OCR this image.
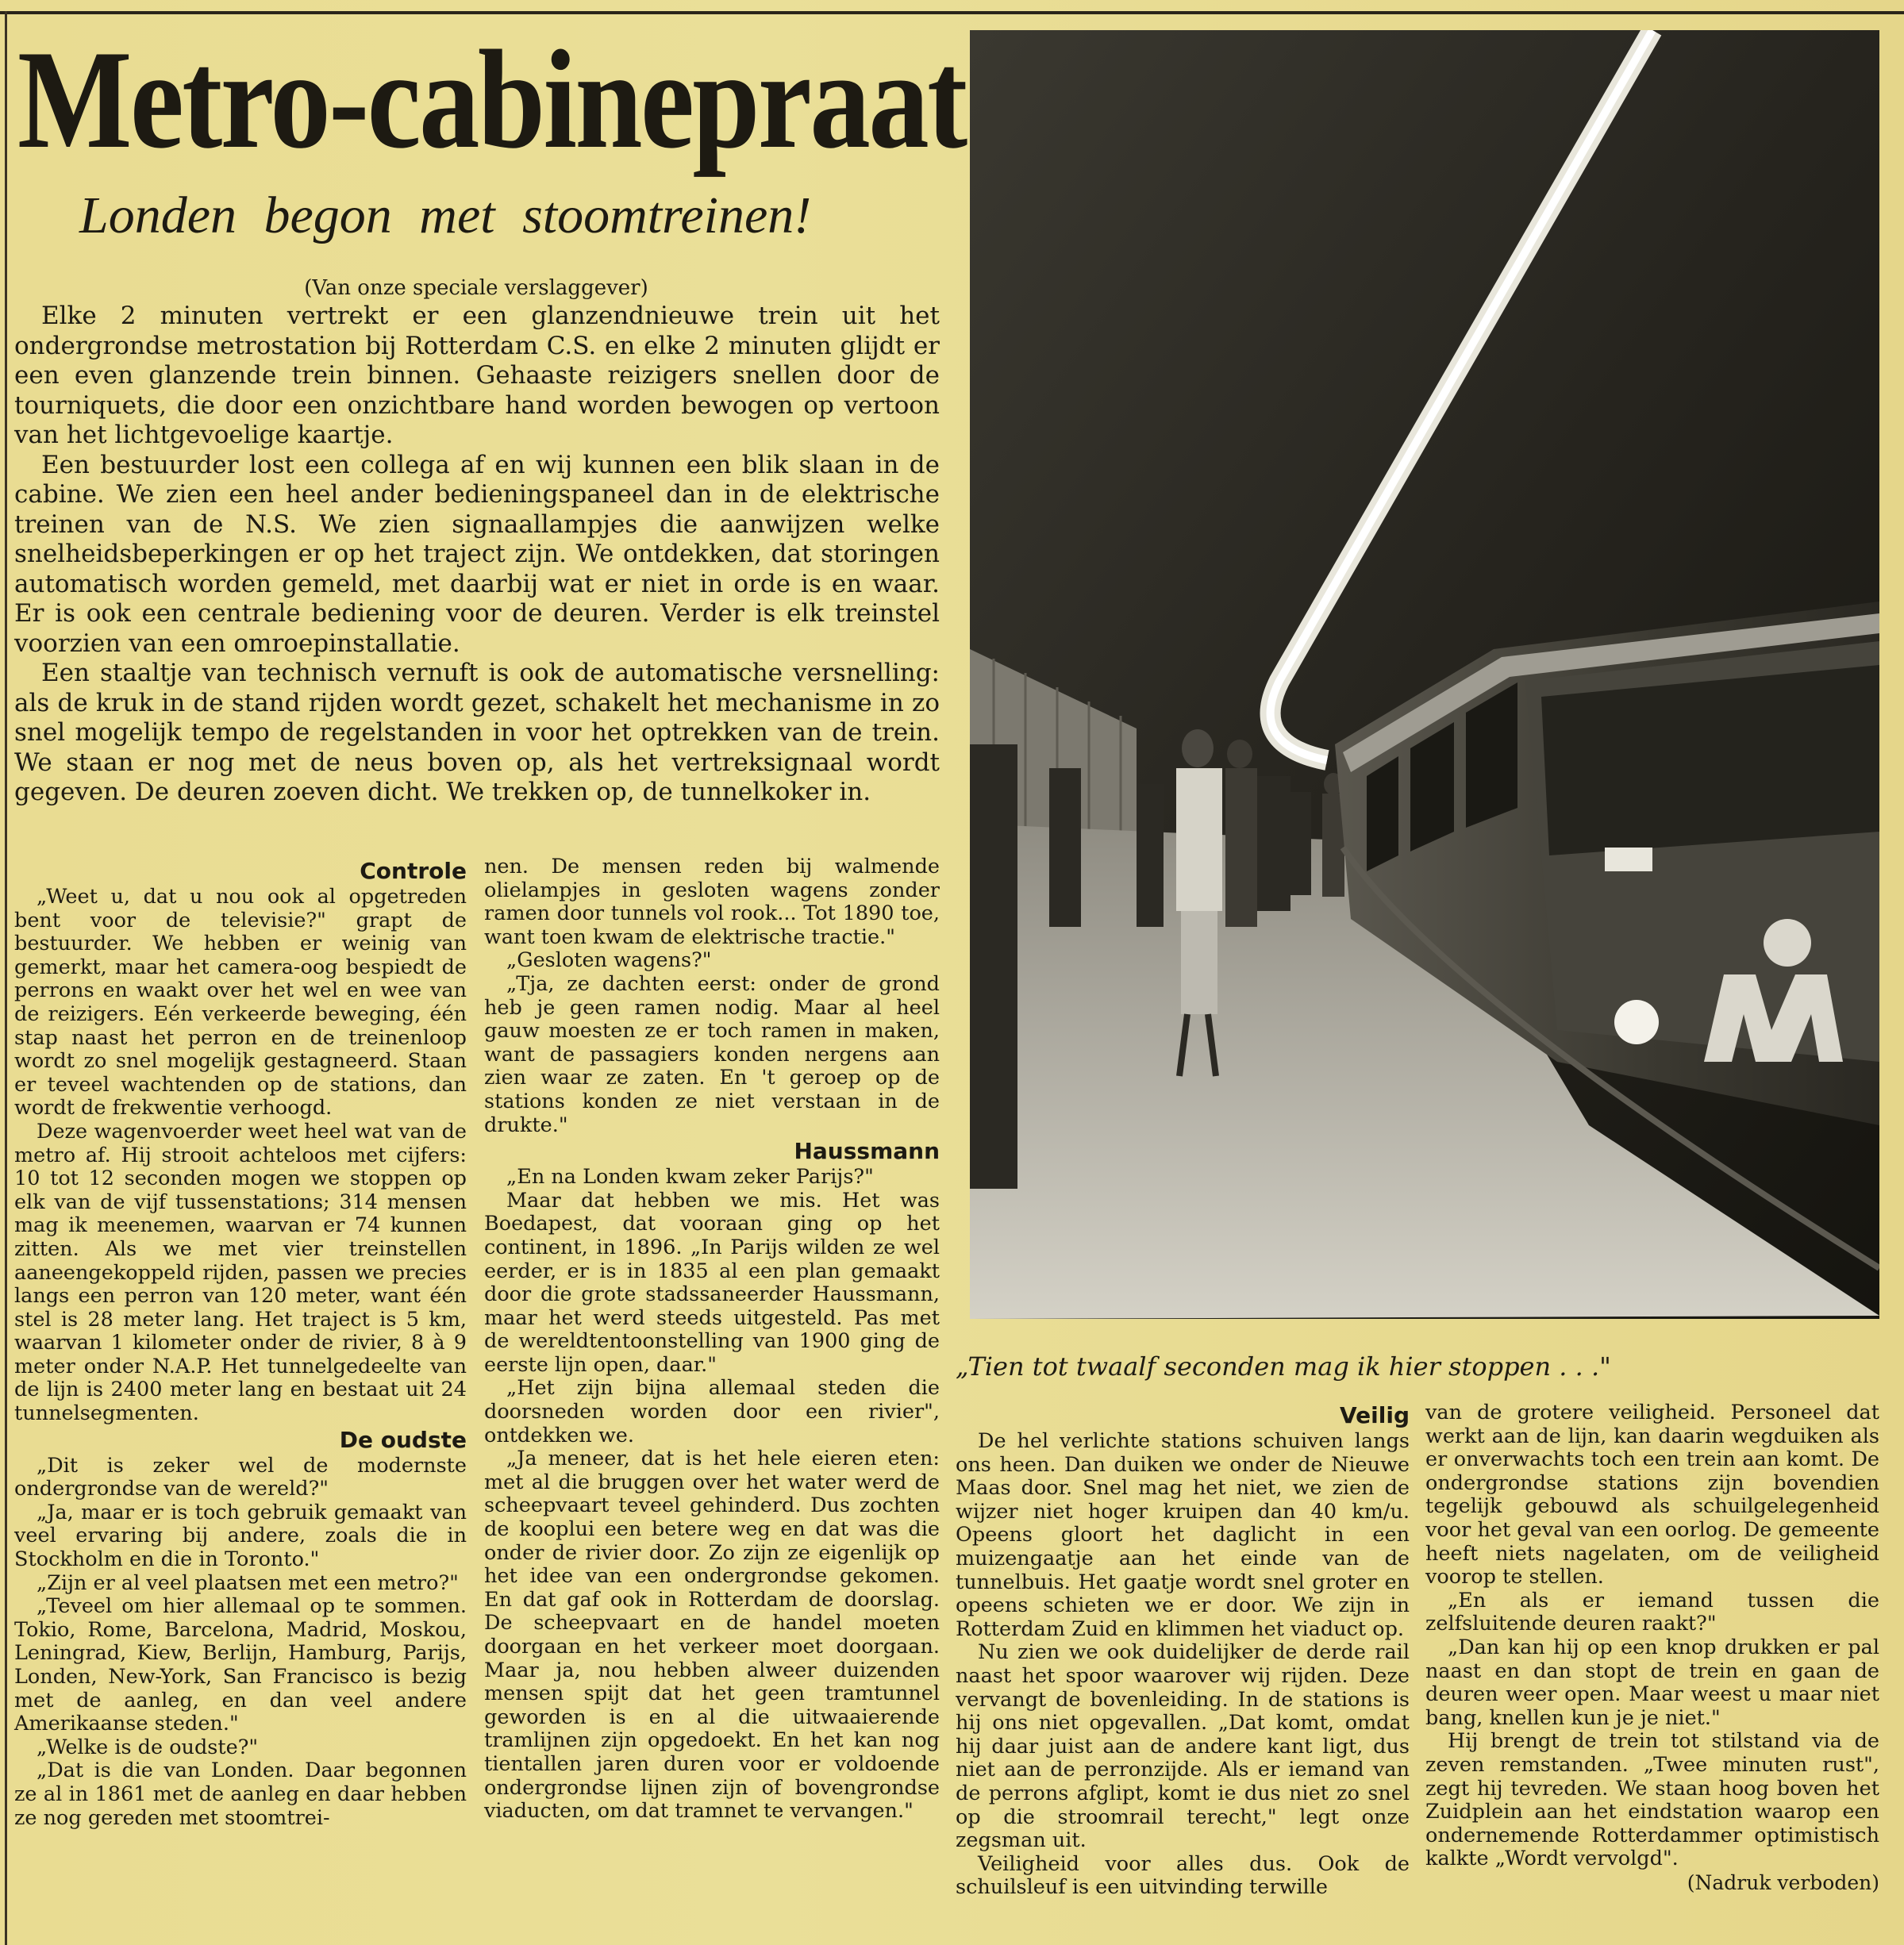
Metro-cabinepraat
Londen begon met stoomtreinen!
(Van onze speciale verslaggever)

Elke 2 minuten vertrekt er een glanzendnieuwe trein uit het ondergrondse metrostation bij Rotterdam C.S. en elke 2 minuten glijdt er een even glanzende trein binnen. Gehaaste reizigers snellen door de tourniquets, die door een onzichtbare hand worden bewogen op vertoon van het lichtgevoelige kaartje.

Een bestuurder lost een collega af en wij kunnen een blik slaan in de cabine. We zien een heel ander bedieningspaneel dan in de elektrische treinen van de N.S. We zien signaallampjes die aanwijzen welke snelheidsbeperkingen er op het traject zijn. We ontdekken, dat storingen automatisch worden gemeld, met daarbij wat er niet in orde is en waar. Er is ook een centrale bediening voor de deuren. Verder is elk treinstel voorzien van een omroepinstallatie.

Een staaltje van technisch vernuft is ook de automatische versnelling: als de kruk in de stand rijden wordt gezet, schakelt het mechanisme in zo snel mogelijk tempo de regelstanden in voor het optrekken van de trein. We staan er nog met de neus boven op, als het vertreksignaal wordt gegeven. De deuren zoeven dicht. We trekken op, de tunnelkoker in.

Controle

„Weet u, dat u nou ook al opgetreden bent voor de televisie?" grapt de bestuurder. We hebben er weinig van gemerkt, maar het camera-oog bespiedt de perrons en waakt over het wel en wee van de reizigers. Eén verkeerde beweging, één stap naast het perron en de treinenloop wordt zo snel mogelijk gestagneerd. Staan er teveel wachtenden op de stations, dan wordt de frekwentie verhoogd.

Deze wagenvoerder weet heel wat van de metro af. Hij strooit achteloos met cijfers: 10 tot 12 seconden mogen we stoppen op elk van de vijf tussenstations; 314 mensen mag ik meenemen, waarvan er 74 kunnen zitten. Als we met vier treinstellen aaneengekoppeld rijden, passen we precies langs een perron van 120 meter, want één stel is 28 meter lang. Het traject is 5 km, waarvan 1 kilometer onder de rivier, 8 à 9 meter onder N.A.P. Het tunnelgedeelte van de lijn is 2400 meter lang en bestaat uit 24 tunnelsegmenten.

De oudste

„Dit is zeker wel de modernste ondergrondse van de wereld?"

„Ja, maar er is toch gebruik gemaakt van veel ervaring bij andere, zoals die in Stockholm en die in Toronto."

„Zijn er al veel plaatsen met een metro?"

„Teveel om hier allemaal op te sommen. Tokio, Rome, Barcelona, Madrid, Moskou, Leningrad, Kiew, Berlijn, Hamburg, Parijs, Londen, New-York, San Francisco is bezig met de aanleg, en dan veel andere Amerikaanse steden."

„Welke is de oudste?"

„Dat is die van Londen. Daar begonnen ze al in 1861 met de aanleg en daar hebben ze nog gereden met stoomtrei-

nen. De mensen reden bij walmende olielampjes in gesloten wagens zonder ramen door tunnels vol rook... Tot 1890 toe, want toen kwam de elektrische tractie."

„Gesloten wagens?"

„Tja, ze dachten eerst: onder de grond heb je geen ramen nodig. Maar al heel gauw moesten ze er toch ramen in maken, want de passagiers konden nergens aan zien waar ze zaten. En 't geroep op de stations konden ze niet verstaan in de drukte."

Haussmann

„En na Londen kwam zeker Parijs?"

Maar dat hebben we mis. Het was Boedapest, dat vooraan ging op het continent, in 1896. „In Parijs wilden ze wel eerder, er is in 1835 al een plan gemaakt door die grote stadssaneerder Haussmann, maar het werd steeds uitgesteld. Pas met de wereldtentoonstelling van 1900 ging de eerste lijn open, daar."

„Het zijn bijna allemaal steden die doorsneden worden door een rivier", ontdekken we.

„Ja meneer, dat is het hele eieren eten: met al die bruggen over het water werd de scheepvaart teveel gehinderd. Dus zochten de kooplui een betere weg en dat was die onder de rivier door. Zo zijn ze eigenlijk op het idee van een ondergrondse gekomen. En dat gaf ook in Rotterdam de doorslag. De scheepvaart en de handel moeten doorgaan en het verkeer moet doorgaan. Maar ja, nou hebben alweer duizenden mensen spijt dat het geen tramtunnel geworden is en al die uitwaaierende tramlijnen zijn opgedoekt. En het kan nog tientallen jaren duren voor er voldoende ondergrondse lijnen zijn of bovengrondse viaducten, om dat tramnet te vervangen."

„Tien tot twaalf seconden mag ik hier stoppen . . ."
Veilig

De hel verlichte stations schuiven langs ons heen. Dan duiken we onder de Nieuwe Maas door. Snel mag het niet, we zien de wijzer niet hoger kruipen dan 40 km/u. Opeens gloort het daglicht in een muizengaatje aan het einde van de tunnelbuis. Het gaatje wordt snel groter en opeens schieten we er door. We zijn in Rotterdam Zuid en klimmen het viaduct op.

Nu zien we ook duidelijker de derde rail naast het spoor waarover wij rijden. Deze vervangt de bovenleiding. In de stations is hij ons niet opgevallen. „Dat komt, omdat hij daar juist aan de andere kant ligt, dus niet aan de perronzijde. Als er iemand van de perrons afglipt, komt ie dus niet zo snel op die stroomrail terecht," legt onze zegsman uit.

Veiligheid voor alles dus. Ook de schuilsleuf is een uitvinding terwille

van de grotere veiligheid. Personeel dat werkt aan de lijn, kan daarin wegduiken als er onverwachts toch een trein aan komt. De ondergrondse stations zijn bovendien tegelijk gebouwd als schuilgelegenheid voor het geval van een oorlog. De gemeente heeft niets nagelaten, om de veiligheid voorop te stellen.

„En als er iemand tussen die zelfsluitende deuren raakt?"

„Dan kan hij op een knop drukken er pal naast en dan stopt de trein en gaan de deuren weer open. Maar weest u maar niet bang, knellen kun je je niet."

Hij brengt de trein tot stilstand via de zeven remstanden. „Twee minuten rust", zegt hij tevreden. We staan hoog boven het Zuidplein aan het eindstation waarop een ondernemende Rotterdammer optimistisch kalkte „Wordt vervolgd".

(Nadruk verboden)
